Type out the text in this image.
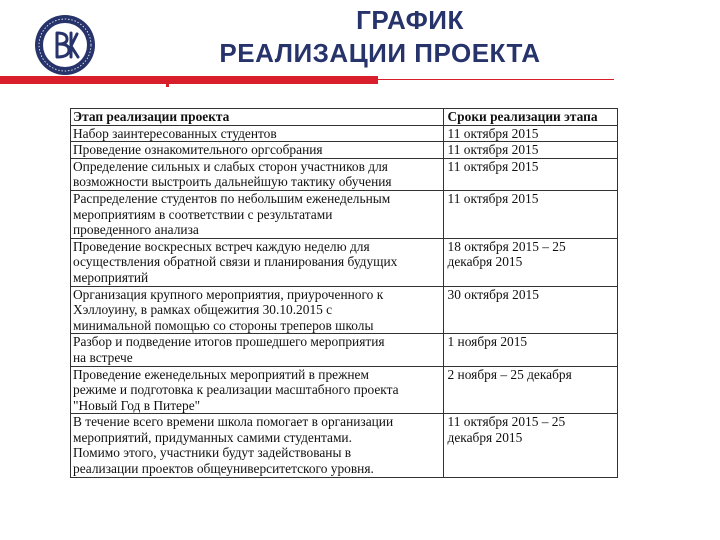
ГРАФИК
РЕАЛИЗАЦИИ ПРОЕКТА
Этап реализации проекта	Сроки реализации этапа

Набор заинтересованных студентов	11 октября 2015

Проведение ознакомительного оргсобрания	11 октября 2015

Определение сильных и слабых сторон участников для
возможности выстроить дальнейшую тактику обучения	11 октября 2015

Распределение студентов по небольшим еженедельным
мероприятиям в соответствии с результатами
проведенного анализа	11 октября 2015

Проведение воскресных встреч каждую неделю для
осуществления обратной связи и планирования будущих
мероприятий	18 октября 2015 – 25
декабря 2015

Организация крупного мероприятия, приуроченного к
Хэллоуину, в рамках общежития 30.10.2015 с
минимальной помощью со стороны треперов школы	30 октября 2015

Разбор и подведение итогов прошедшего мероприятия
на встрече	1 ноября 2015

Проведение еженедельных мероприятий в прежнем
режиме и подготовка к реализации масштабного проекта
"Новый Год в Питере"	2 ноября – 25 декабря

В течение всего времени школа помогает в организации
мероприятий, придуманных самими студентами.
Помимо этого, участники будут задействованы в
реализации проектов общеуниверситетского уровня.	11 октября 2015 – 25
декабря 2015
